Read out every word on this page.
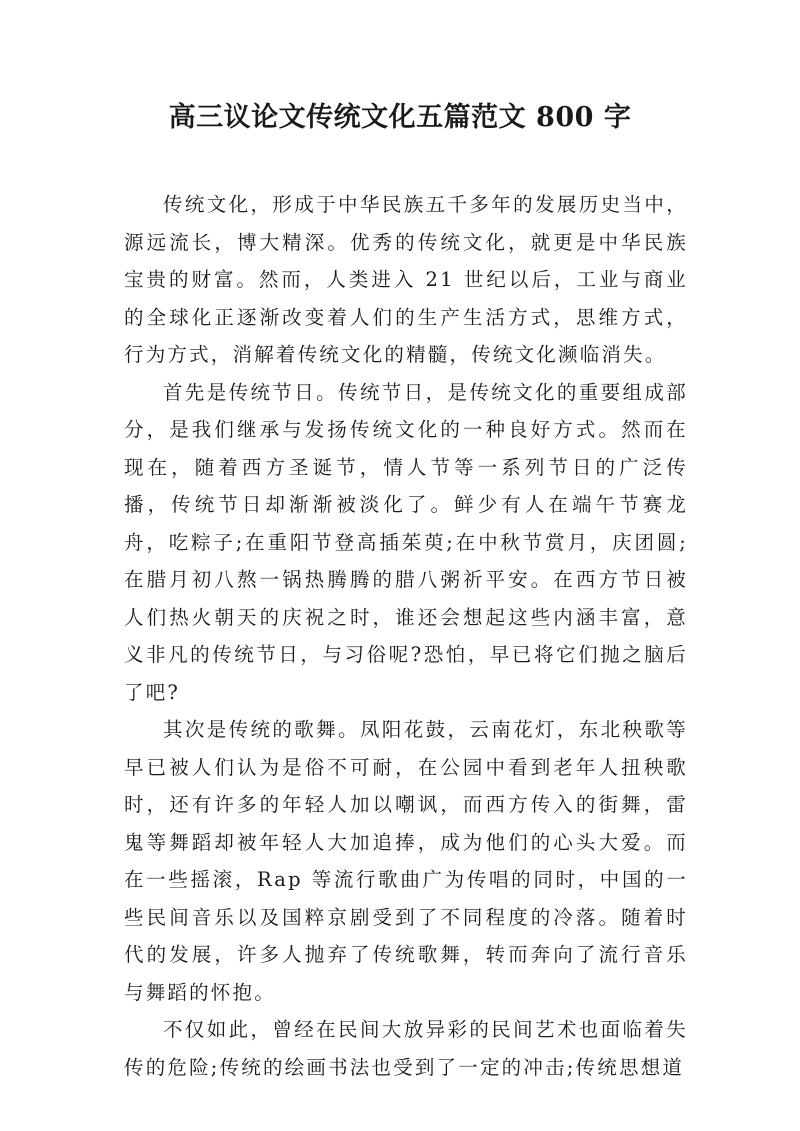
高三议论文传统文化五篇范文 800 字

传统文化，形成于中华民族五千多年的发展历史当中，源远流长，博大精深。优秀的传统文化，就更是中华民族宝贵的财富。然而，人类进入 21 世纪以后，工业与商业的全球化正逐渐改变着人们的生产生活方式，思维方式，行为方式，消解着传统文化的精髓，传统文化濒临消失。

首先是传统节日。传统节日，是传统文化的重要组成部分，是我们继承与发扬传统文化的一种良好方式。然而在现在，随着西方圣诞节，情人节等一系列节日的广泛传播，传统节日却渐渐被淡化了。鲜少有人在端午节赛龙舟，吃粽子;在重阳节登高插茱萸;在中秋节赏月，庆团圆;在腊月初八熬一锅热腾腾的腊八粥祈平安。在西方节日被人们热火朝天的庆祝之时，谁还会想起这些内涵丰富，意义非凡的传统节日，与习俗呢?恐怕，早已将它们抛之脑后了吧?

其次是传统的歌舞。凤阳花鼓，云南花灯，东北秧歌等早已被人们认为是俗不可耐，在公园中看到老年人扭秧歌时，还有许多的年轻人加以嘲讽，而西方传入的街舞，雷鬼等舞蹈却被年轻人大加追捧，成为他们的心头大爱。而在一些摇滚，Rap 等流行歌曲广为传唱的同时，中国的一些民间音乐以及国粹京剧受到了不同程度的冷落。随着时代的发展，许多人抛弃了传统歌舞，转而奔向了流行音乐与舞蹈的怀抱。

不仅如此，曾经在民间大放异彩的民间艺术也面临着失传的危险;传统的绘画书法也受到了一定的冲击;传统思想道
